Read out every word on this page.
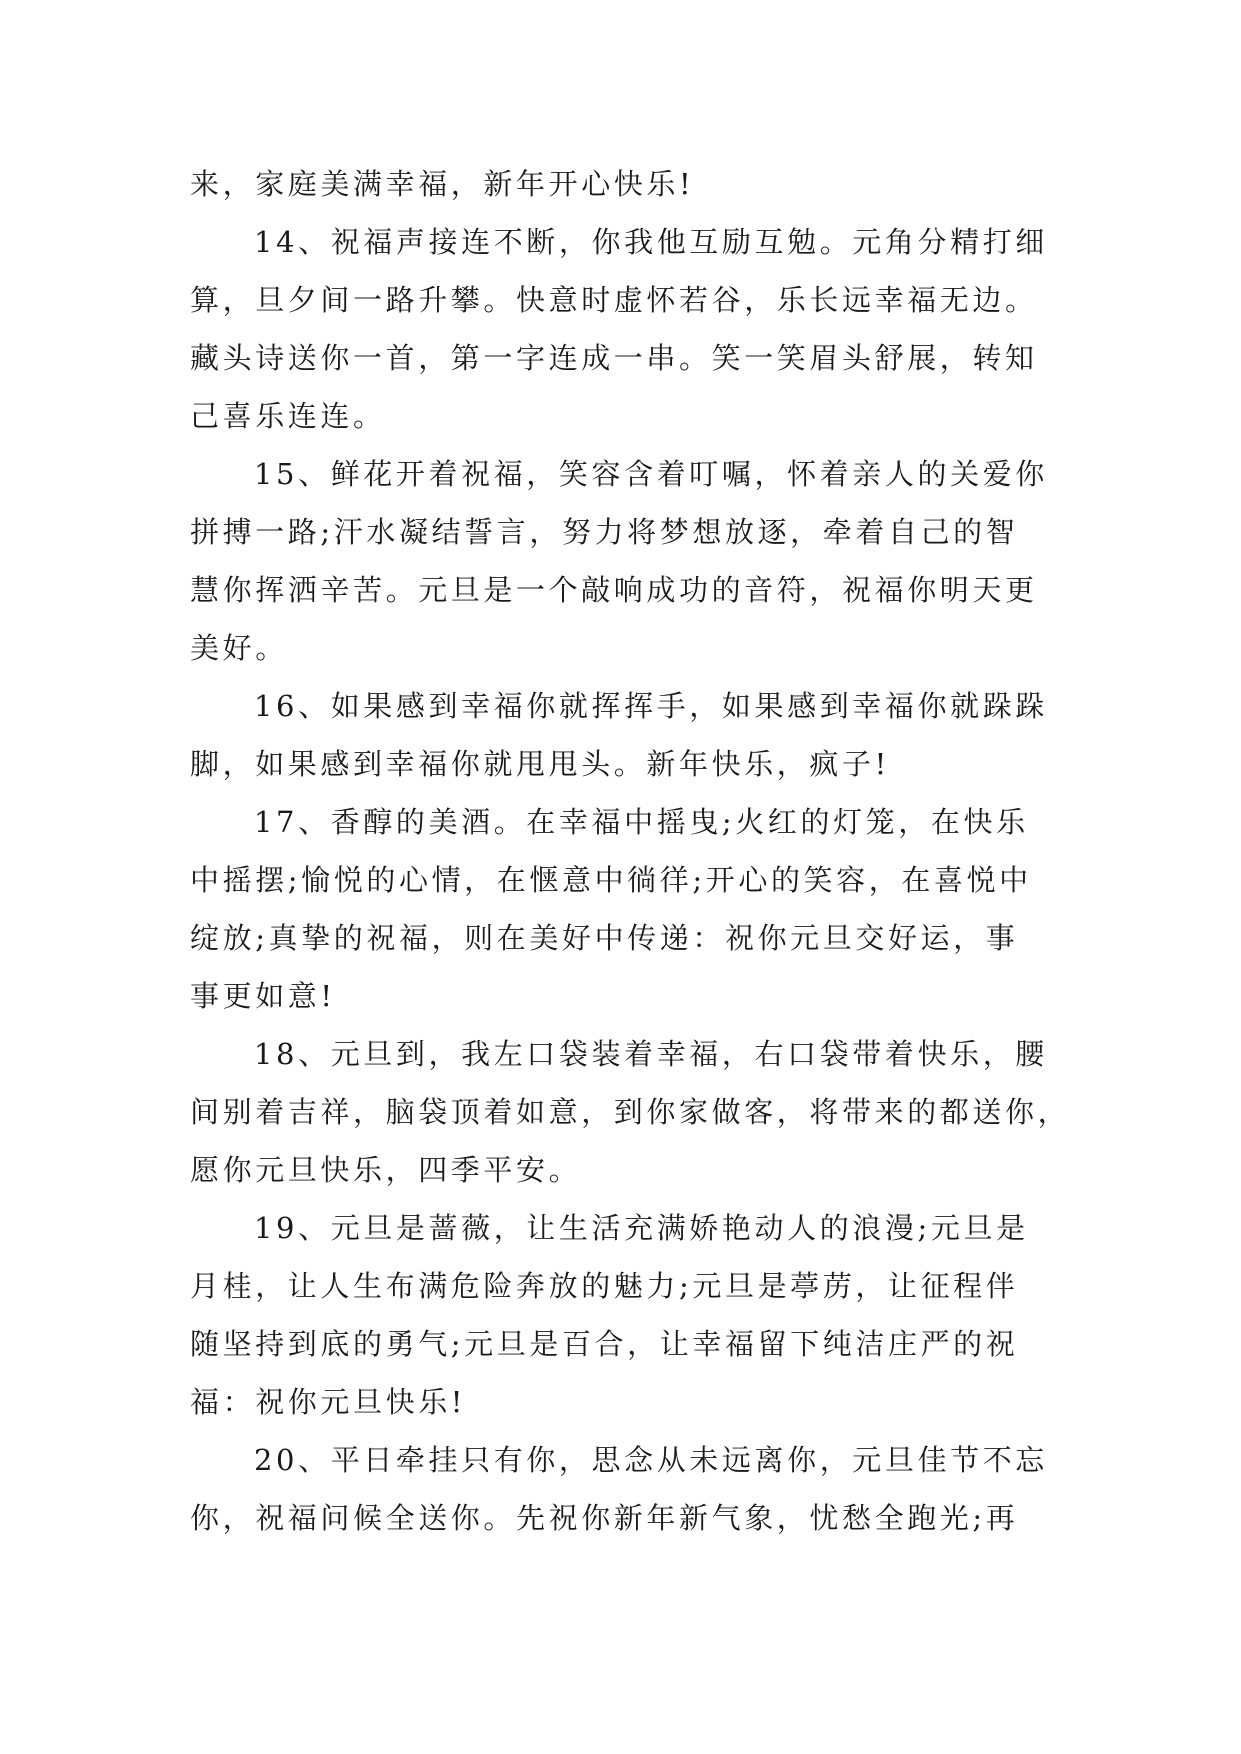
来，家庭美满幸福，新年开心快乐!
14、祝福声接连不断，你我他互励互勉。元角分精打细
算，旦夕间一路升攀。快意时虚怀若谷，乐长远幸福无边。
藏头诗送你一首，第一字连成一串。笑一笑眉头舒展，转知
己喜乐连连。
15、鲜花开着祝福，笑容含着叮嘱，怀着亲人的关爱你
拼搏一路;汗水凝结誓言，努力将梦想放逐，牵着自己的智
慧你挥洒辛苦。元旦是一个敲响成功的音符，祝福你明天更
美好。
16、如果感到幸福你就挥挥手，如果感到幸福你就跺跺
脚，如果感到幸福你就甩甩头。新年快乐，疯子!
17、香醇的美酒。在幸福中摇曳;火红的灯笼，在快乐
中摇摆;愉悦的心情，在惬意中徜徉;开心的笑容，在喜悦中
绽放;真挚的祝福，则在美好中传递：祝你元旦交好运，事
事更如意!
18、元旦到，我左口袋装着幸福，右口袋带着快乐，腰
间别着吉祥，脑袋顶着如意，到你家做客，将带来的都送你，
愿你元旦快乐，四季平安。
19、元旦是蔷薇，让生活充满娇艳动人的浪漫;元旦是
月桂，让人生布满危险奔放的魅力;元旦是葶苈，让征程伴
随坚持到底的勇气;元旦是百合，让幸福留下纯洁庄严的祝
福：祝你元旦快乐!
20、平日牵挂只有你，思念从未远离你，元旦佳节不忘
你，祝福问候全送你。先祝你新年新气象，忧愁全跑光;再
